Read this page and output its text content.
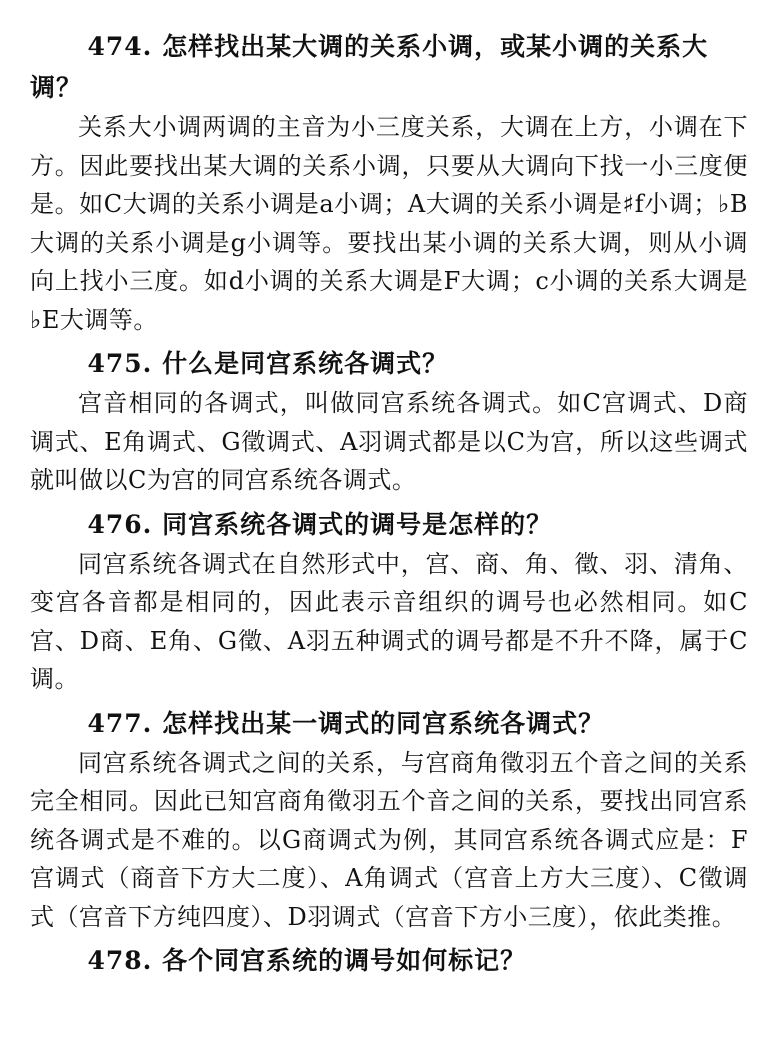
474. 怎样找出某大调的关系小调，或某小调的关系大调？

关系大小调两调的主音为小三度关系，大调在上方，小调在下方。因此要找出某大调的关系小调，只要从大调向下找一小三度便是。如C大调的关系小调是a小调；A大调的关系小调是♯f小调；♭B大调的关系小调是g小调等。要找出某小调的关系大调，则从小调向上找小三度。如d小调的关系大调是F大调；c小调的关系大调是♭E大调等。

475. 什么是同宫系统各调式？

宫音相同的各调式，叫做同宫系统各调式。如C宫调式、D商调式、E角调式、G徵调式、A羽调式都是以C为宫，所以这些调式就叫做以C为宫的同宫系统各调式。

476. 同宫系统各调式的调号是怎样的？

同宫系统各调式在自然形式中，宫、商、角、徵、羽、清角、变宫各音都是相同的，因此表示音组织的调号也必然相同。如C宫、D商、E角、G徵、A羽五种调式的调号都是不升不降，属于C调。

477. 怎样找出某一调式的同宫系统各调式？

同宫系统各调式之间的关系，与宫商角徵羽五个音之间的关系完全相同。因此已知宫商角徵羽五个音之间的关系，要找出同宫系统各调式是不难的。以G商调式为例，其同宫系统各调式应是：F宫调式（商音下方大二度）、A角调式（宫音上方大三度）、C徵调式（宫音下方纯四度）、D羽调式（宫音下方小三度），依此类推。

478. 各个同宫系统的调号如何标记？
